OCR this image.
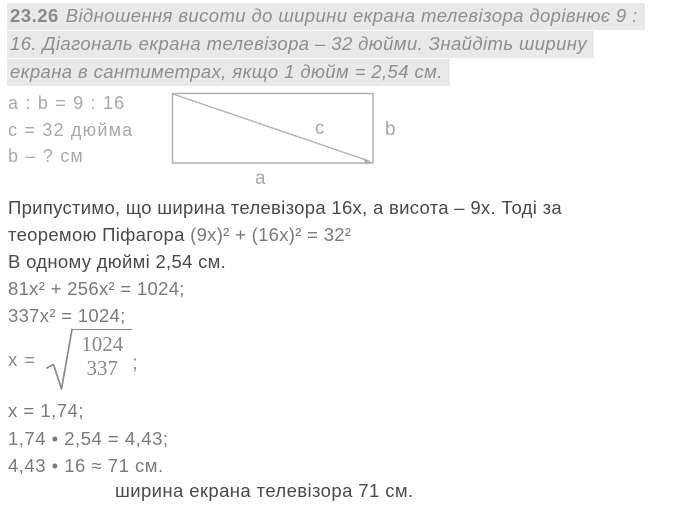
23.26 Відношення висоти до ширини екрана телевізора дорівнює 9 :
16. Діагональ екрана телевізора – 32 дюйми. Знайдіть ширину
екрана в сантиметрах, якщо 1 дюйм = 2,54 см.
a : b = 9 : 16
c = 32 дюйма
b – ? см
c	b
a
Припустимо, що ширина телевізора 16х, а висота – 9х. Тоді за
теоремою Піфагора (9х)² + (16х)² = 32²
В одному дюймі 2,54 см.
81х² + 256х² = 1024;
337х² = 1024;
х =
1024
337 ;
х = 1,74;
1,74 • 2,54 = 4,43;
4,43 • 16 ≈ 71 см.
ширина екрана телевізора 71 см.
